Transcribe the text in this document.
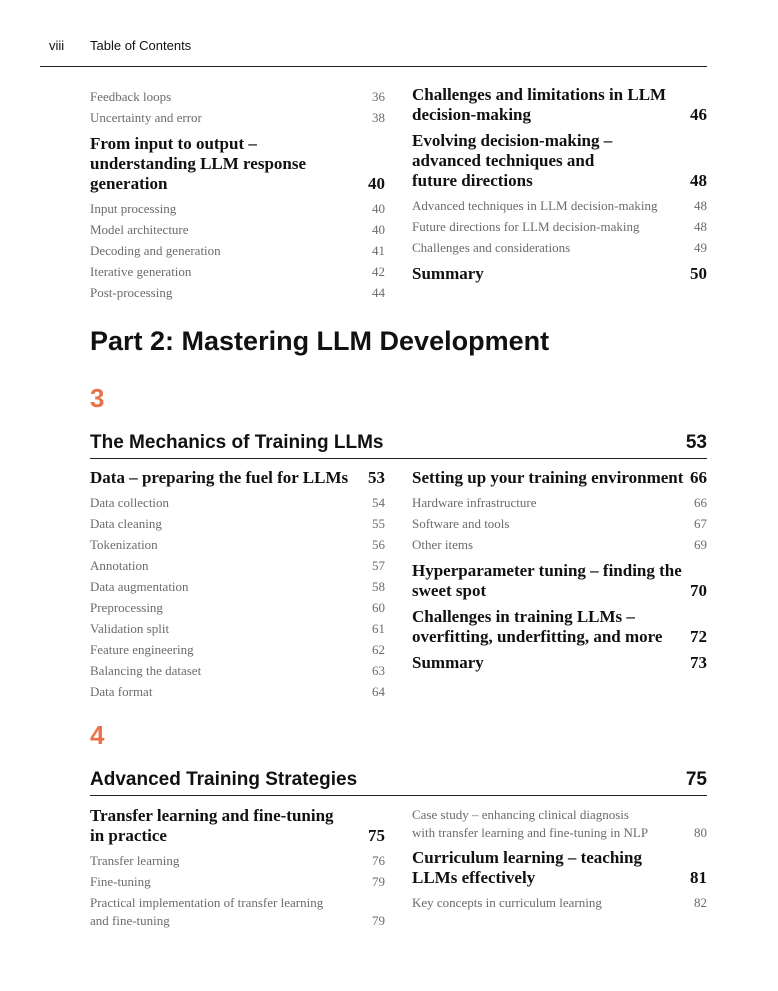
viii Table of Contents
Feedback loops	36
Uncertainty and error	38
From input to output –
understanding LLM response
generation	40
Input processing	40
Model architecture	40
Decoding and generation	41
Iterative generation	42
Post-processing	44
Challenges and limitations in LLM
decision-making	46
Evolving decision-making –
advanced techniques and
future directions	48
Advanced techniques in LLM decision-making	48
Future directions for LLM decision-making	48
Challenges and considerations	49
Summary	50
Part 2: Mastering LLM Development
3
The Mechanics of Training LLMs	53
Data – preparing the fuel for LLMs 53
Data collection	54
Data cleaning	55
Tokenization	56
Annotation	57
Data augmentation	58
Preprocessing	60
Validation split	61
Feature engineering	62
Balancing the dataset	63
Data format	64
Setting up your training environment 66
Hardware infrastructure	66
Software and tools	67
Other items	69
Hyperparameter tuning – finding the
sweet spot	70
Challenges in training LLMs –
overfitting, underfitting, and more 72
Summary	73
4
Advanced Training Strategies	75
Transfer learning and fine-tuning
in practice	75
Transfer learning	76
Fine-tuning	79
Practical implementation of transfer learning
and fine-tuning	79
Case study – enhancing clinical diagnosis
with transfer learning and fine-tuning in NLP	80
Curriculum learning – teaching
LLMs effectively	81
Key concepts in curriculum learning	82
